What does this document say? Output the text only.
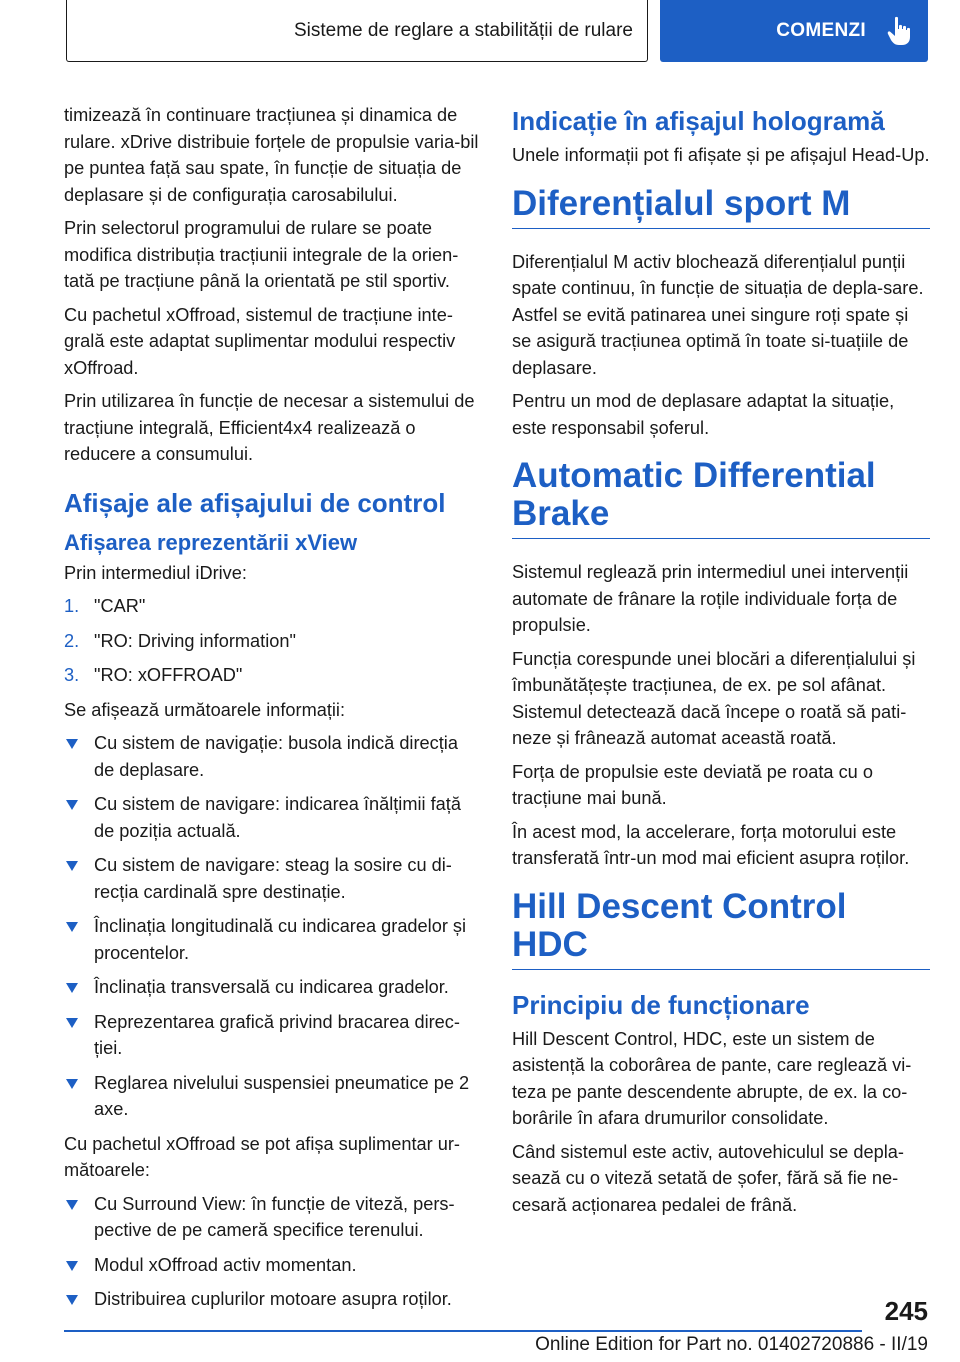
Sisteme de reglare a stabilității de rulare	COMENZI

timizează în continuare tracțiunea și dinamica de rulare. xDrive distribuie forțele de propulsie varia-bil pe puntea față sau spate, în funcție de situația de deplasare și de configurația carosabilului.

Prin selectorul programului de rulare se poate modifica distribuția tracțiunii integrale de la orien-tată pe tracțiune până la orientată pe stil sportiv.

Cu pachetul xOffroad, sistemul de tracțiune inte-grală este adaptat suplimentar modului respectiv xOffroad.

Prin utilizarea în funcție de necesar a sistemului de tracțiune integrală, Efficient4x4 realizează o reducere a consumului.

Afișaje ale afișajului de control
Afișarea reprezentării xView

Prin intermediul iDrive:

1. "CAR"
2. "RO: Driving information"
3. "RO: xOFFROAD"

Se afișează următoarele informații:

Cu sistem de navigație: busola indică direcția de deplasare.
Cu sistem de navigare: indicarea înălțimii față de poziția actuală.
Cu sistem de navigare: steag la sosire cu di-recția cardinală spre destinație.
Înclinația longitudinală cu indicarea gradelor și procentelor.
Înclinația transversală cu indicarea gradelor.
Reprezentarea grafică privind bracarea direc-ției.
Reglarea nivelului suspensiei pneumatice pe 2 axe.

Cu pachetul xOffroad se pot afișa suplimentar ur-mătoarele:

Cu Surround View: în funcție de viteză, pers-pective de pe cameră specifice terenului.
Modul xOffroad activ momentan.
Distribuirea cuplurilor motoare asupra roților.
Indicație în afișajul hologramă

Unele informații pot fi afișate și pe afișajul Head-Up.

Diferențialul sport M

Diferențialul M activ blochează diferențialul punții spate continuu, în funcție de situația de depla-sare. Astfel se evită patinarea unei singure roți spate și se asigură tracțiunea optimă în toate si-tuațiile de deplasare.

Pentru un mod de deplasare adaptat la situație, este responsabil șoferul.

Automatic Differential Brake

Sistemul reglează prin intermediul unei intervenții automate de frânare la roțile individuale forța de propulsie.

Funcția corespunde unei blocări a diferențialului și îmbunătățește tracțiunea, de ex. pe sol afânat. Sistemul detectează dacă începe o roată să pati-neze și frânează automat această roată.

Forța de propulsie este deviată pe roata cu o tracțiune mai bună.

În acest mod, la accelerare, forța motorului este transferată într-un mod mai eficient asupra roților.

Hill Descent Control HDC
Principiu de funcționare

Hill Descent Control, HDC, este un sistem de asistență la coborârea de pante, care reglează vi-teza pe pante descendente abrupte, de ex. la co-borârile în afara drumurilor consolidate.

Când sistemul este activ, autovehiculul se depla-sează cu o viteză setată de șofer, fără să fie ne-cesară acționarea pedalei de frână.

245
Online Edition for Part no. 01402720886 - II/19
